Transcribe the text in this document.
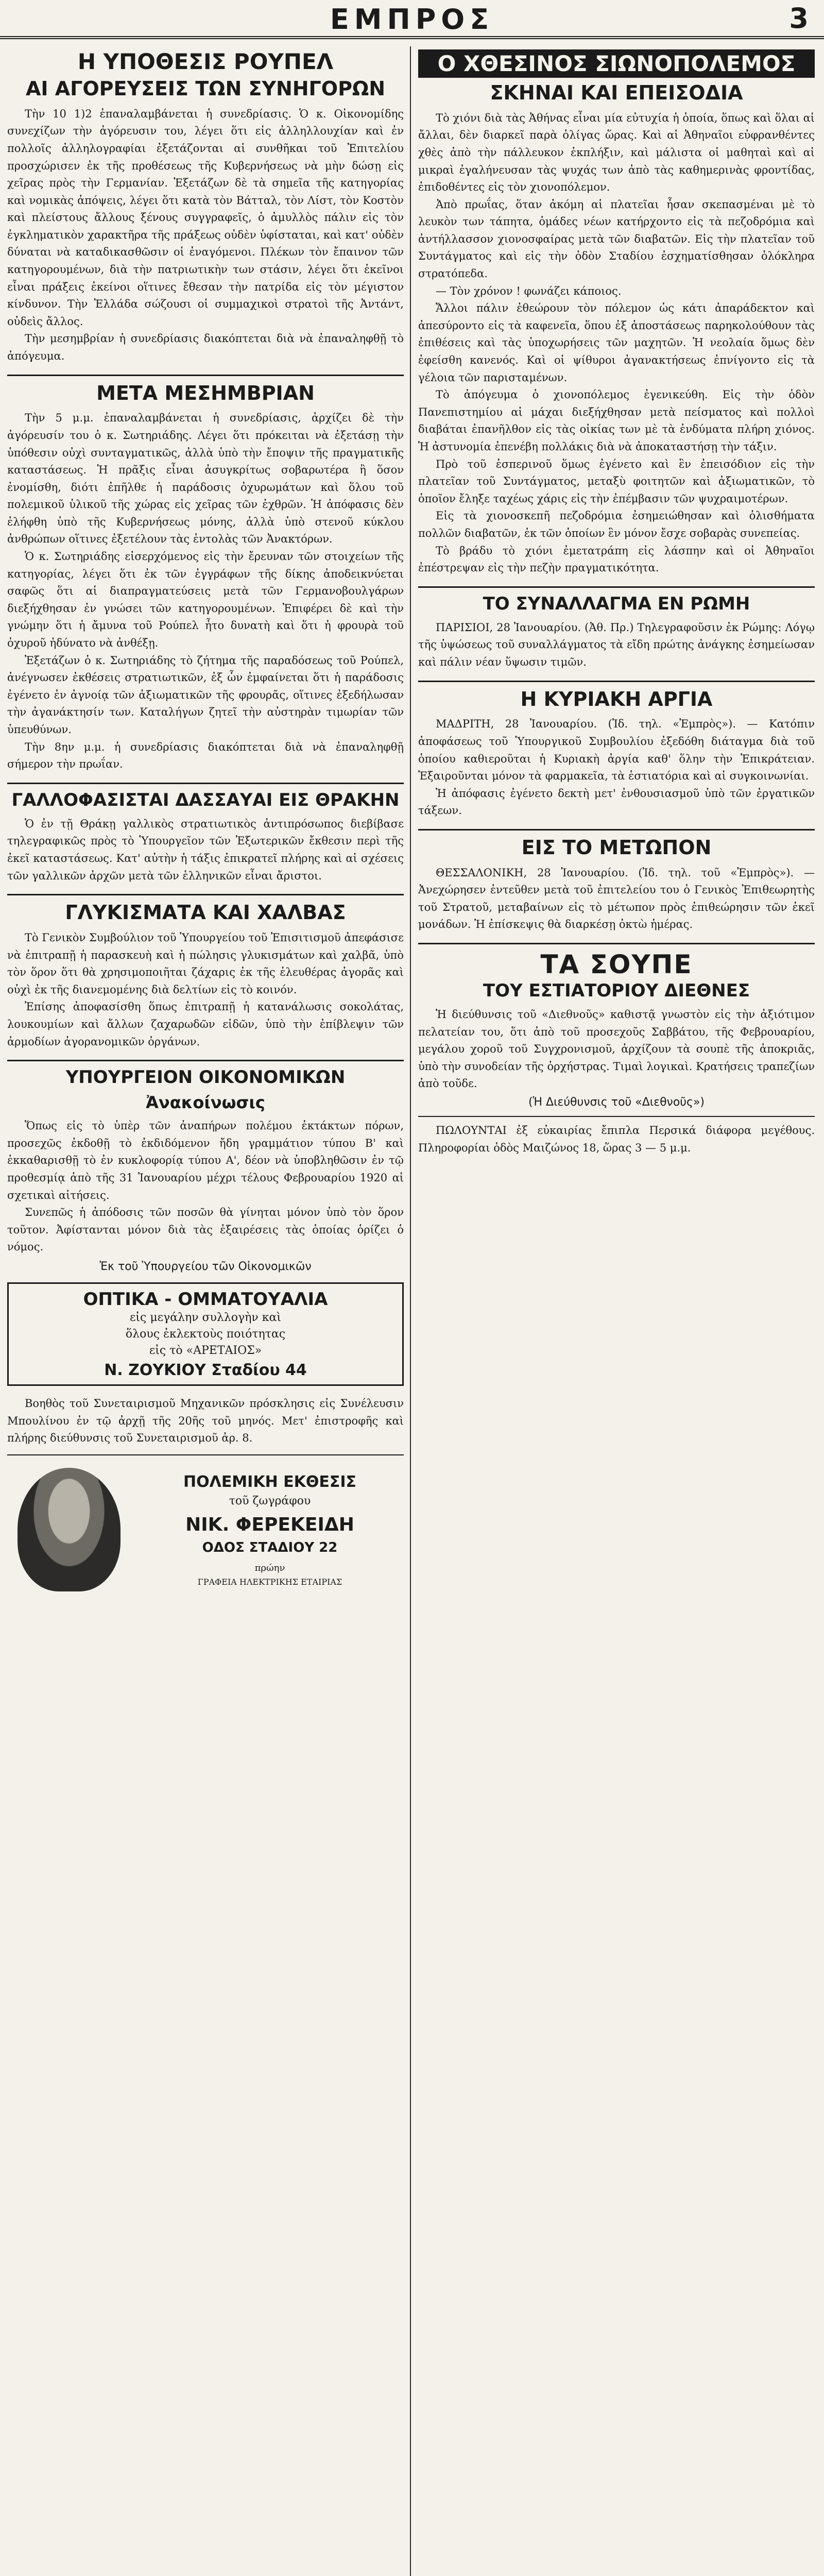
ΕΜΠΡΟΣ	3
Η ΥΠΟΘΕΣΙΣ ΡΟΥΠΕΛ
ΑΙ ΑΓΟΡΕΥΣΕΙΣ ΤΩΝ ΣΥΝΗΓΟΡΩΝ

Τὴν 10 1)2 ἐπαναλαμβάνεται ἡ συνεδρίασις. Ὁ κ. Οἰκονομίδης συνεχίζων τὴν ἀγόρευσιν του, λέγει ὅτι εἰς ἀλληλλουχίαν καὶ ἐν πολλοῖς ἀλληλογραφίαι ἐξετάζονται αἱ συνθῆκαι τοῦ Ἐπιτελίου προσχώρισεν ἐκ τῆς προθέσεως τῆς Κυβερνήσεως νὰ μὴν δώσῃ εἰς χεῖρας πρὸς τὴν Γερμανίαν. Ἐξετάζων δὲ τὰ σημεῖα τῆς κατηγορίας καὶ νομικὰς ἀπόψεις, λέγει ὅτι κατὰ τὸν Βάτταλ, τὸν Λίστ, τὸν Κοστὸν καὶ πλείστους ἄλλους ξένους συγγραφεῖς, ὁ ἀμυλλὸς πάλιν εἰς τὸν ἐγκληματικὸν χαρακτῆρα τῆς πράξεως οὐδὲν ὑφίσταται, καὶ κατ' οὐδὲν δύναται νὰ καταδικασθῶσιν οἱ ἐναγόμενοι. Πλέκων τὸν ἔπαινον τῶν κατηγορουμένων, διὰ τὴν πατριωτικὴν των στάσιν, λέγει ὅτι ἐκεῖνοι εἶναι πράξεις ἐκείνοι οἵτινες ἔθεσαν τὴν πατρίδα εἰς τὸν μέγιστον κίνδυνον. Τὴν Ἑλλάδα σώζουσι οἱ συμμαχικοὶ στρατοὶ τῆς Ἀντάντ, οὐδεὶς ἄλλος.

Τὴν μεσημβρίαν ἡ συνεδρίασις διακόπτεται διὰ νὰ ἐπαναληφθῇ τὸ ἀπόγευμα.

ΜΕΤΑ ΜΕΣΗΜΒΡΙΑΝ

Τὴν 5 μ.μ. ἐπαναλαμβάνεται ἡ συνεδρίασις, ἀρχίζει δὲ τὴν ἀγόρευσίν του ὁ κ. Σωτηριάδης. Λέγει ὅτι πρόκειται νὰ ἐξετάσῃ τὴν ὑπόθεσιν οὐχὶ συνταγματικῶς, ἀλλὰ ὑπὸ τὴν ἔποψιν τῆς πραγματικῆς καταστάσεως. Ἡ πρᾶξις εἶναι ἀσυγκρίτως σοβαρωτέρα ἢ ὅσον ἐνομίσθη, διότι ἐπῆλθε ἡ παράδοσις ὀχυρωμάτων καὶ ὅλου τοῦ πολεμικοῦ ὑλικοῦ τῆς χώρας εἰς χεῖρας τῶν ἐχθρῶν. Ἡ ἀπόφασις δὲν ἐλήφθη ὑπὸ τῆς Κυβερνήσεως μόνης, ἀλλὰ ὑπὸ στενοῦ κύκλου ἀνθρώπων οἵτινες ἐξετέλουν τὰς ἐντολὰς τῶν Ἀνακτόρων.

Ὁ κ. Σωτηριάδης εἰσερχόμενος εἰς τὴν ἔρευναν τῶν στοιχείων τῆς κατηγορίας, λέγει ὅτι ἐκ τῶν ἐγγράφων τῆς δίκης ἀποδεικνύεται σαφῶς ὅτι αἱ διαπραγματεύσεις μετὰ τῶν Γερμανοβουλγάρων διεξήχθησαν ἐν γνώσει τῶν κατηγορουμένων. Ἐπιφέρει δὲ καὶ τὴν γνώμην ὅτι ἡ ἄμυνα τοῦ Ρούπελ ἦτο δυνατὴ καὶ ὅτι ἡ φρουρὰ τοῦ ὀχυροῦ ἠδύνατο νὰ ἀνθέξῃ.

Ἐξετάζων ὁ κ. Σωτηριάδης τὸ ζήτημα τῆς παραδόσεως τοῦ Ρούπελ, ἀνέγνωσεν ἐκθέσεις στρατιωτικῶν, ἐξ ὧν ἐμφαίνεται ὅτι ἡ παράδοσις ἐγένετο ἐν ἀγνοίᾳ τῶν ἀξιωματικῶν τῆς φρουρᾶς, οἵτινες ἐξεδήλωσαν τὴν ἀγανάκτησίν των. Καταλήγων ζητεῖ τὴν αὐστηρὰν τιμωρίαν τῶν ὑπευθύνων.

Τὴν 8ην μ.μ. ἡ συνεδρίασις διακόπτεται διὰ νὰ ἐπαναληφθῇ σήμερον τὴν πρωΐαν.

ΓΑΛΛΟΦΑΣΙΣΤΑΙ ΔΑΣΣΑΥΑΙ ΕΙΣ ΘΡΑΚΗΝ

Ὁ ἐν τῇ Θράκῃ γαλλικὸς στρατιωτικὸς ἀντιπρόσωπος διεβίβασε τηλεγραφικῶς πρὸς τὸ Ὑπουργεῖον τῶν Ἐξωτερικῶν ἔκθεσιν περὶ τῆς ἐκεῖ καταστάσεως. Κατ' αὐτὴν ἡ τάξις ἐπικρατεῖ πλήρης καὶ αἱ σχέσεις τῶν γαλλικῶν ἀρχῶν μετὰ τῶν ἑλληνικῶν εἶναι ἄριστοι.

ΓΛΥΚΙΣΜΑΤΑ ΚΑΙ ΧΑΛΒΑΣ

Τὸ Γενικὸν Συμβούλιον τοῦ Ὑπουργείου τοῦ Ἐπισιτισμοῦ ἀπεφάσισε νὰ ἐπιτραπῇ ἡ παρασκευὴ καὶ ἡ πώλησις γλυκισμάτων καὶ χαλβᾶ, ὑπὸ τὸν ὅρον ὅτι θὰ χρησιμοποιῆται ζάχαρις ἐκ τῆς ἐλευθέρας ἀγορᾶς καὶ οὐχὶ ἐκ τῆς διανεμομένης διὰ δελτίων εἰς τὸ κοινόν.

Ἐπίσης ἀποφασίσθη ὅπως ἐπιτραπῇ ἡ κατανάλωσις σοκολάτας, λουκουμίων καὶ ἄλλων ζαχαρωδῶν εἰδῶν, ὑπὸ τὴν ἐπίβλεψιν τῶν ἀρμοδίων ἀγορανομικῶν ὀργάνων.

ΥΠΟΥΡΓΕΙΟΝ ΟΙΚΟΝΟΜΙΚΩΝ
Ἀνακοίνωσις

Ὅπως εἰς τὸ ὑπὲρ τῶν ἀναπήρων πολέμου ἐκτάκτων πόρων, προσεχῶς ἐκδοθῇ τὸ ἐκδιδόμενον ἤδη γραμμάτιον τύπου Β' καὶ ἐκκαθαρισθῇ τὸ ἐν κυκλοφορίᾳ τύπου Α', δέον νὰ ὑποβληθῶσιν ἐν τῷ προθεσμίᾳ ἀπὸ τῆς 31 Ἰανουαρίου μέχρι τέλους Φεβρουαρίου 1920 αἱ σχετικαὶ αἰτήσεις.

Συνεπῶς ἡ ἀπόδοσις τῶν ποσῶν θὰ γίνηται μόνον ὑπὸ τὸν ὅρον τοῦτον. Ἀφίστανται μόνον διὰ τὰς ἐξαιρέσεις τὰς ὁποίας ὁρίζει ὁ νόμος.

Ἐκ τοῦ Ὑπουργείου τῶν Οἰκονομικῶν
ΟΠΤΙΚΑ - ΟΜΜΑΤΟΥΑΛΙΑ
εἰς μεγάλην συλλογὴν καὶ
ὅλους ἐκλεκτοὺς ποιότητας
εἰς τὸ «ΑΡΕΤΑΙΟΣ»
Ν. ΖΟΥΚΙΟΥ Σταδίου 44

Βοηθὸς τοῦ Συνεταιρισμοῦ Μηχανικῶν πρόσκλησις εἰς Συνέλευσιν Μπουλίνου ἐν τῷ ἀρχῇ τῆς 20ῆς τοῦ μηνός. Μετ' ἐπιστροφῆς καὶ πλήρης διεύθυνσις τοῦ Συνεταιρισμοῦ ἀρ. 8.

ΠΟΛΕΜΙΚΗ ΕΚΘΕΣΙΣ
τοῦ ζωγράφου
ΝΙΚ. ΦΕΡΕΚΕΙΔΗ
ΟΔΟΣ ΣΤΑΔΙΟΥ 22
πρώην
ΓΡΑΦΕΙΑ ΗΛΕΚΤΡΙΚΗΣ ΕΤΑΙΡΙΑΣ
Ο ΧΘΕΣΙΝΟΣ ΣΙΩΝΟΠΟΛΕΜΟΣ
ΣΚΗΝΑΙ ΚΑΙ ΕΠΕΙΣΟΔΙΑ

Τὸ χιόνι διὰ τὰς Ἀθήνας εἶναι μία εὐτυχία ἡ ὁποία, ὅπως καὶ ὅλαι αἱ ἄλλαι, δὲν διαρκεῖ παρὰ ὀλίγας ὥρας. Καὶ αἱ Ἀθηναῖοι εὐφρανθέντες χθὲς ἀπὸ τὴν πάλλευκον ἐκπλήξιν, καὶ μάλιστα οἱ μαθηταὶ καὶ αἱ μικραὶ ἐγαλήνευσαν τὰς ψυχάς των ἀπὸ τὰς καθημερινὰς φροντίδας, ἐπιδοθέντες εἰς τὸν χιονοπόλεμον.

Ἀπὸ πρωΐας, ὅταν ἀκόμη αἱ πλατεῖαι ἦσαν σκεπασμέναι μὲ τὸ λευκὸν των τάπητα, ὁμάδες νέων κατήρχοντο εἰς τὰ πεζοδρόμια καὶ ἀντήλλασσον χιονοσφαίρας μετὰ τῶν διαβατῶν. Εἰς τὴν πλατεῖαν τοῦ Συντάγματος καὶ εἰς τὴν ὁδὸν Σταδίου ἐσχηματίσθησαν ὁλόκληρα στρατόπεδα.

— Τὸν χρόνον ! φωνάζει κάποιος.

Ἄλλοι πάλιν ἐθεώρουν τὸν πόλεμον ὡς κάτι ἀπαράδεκτον καὶ ἀπεσύροντο εἰς τὰ καφενεῖα, ὅπου ἐξ ἀποστάσεως παρηκολούθουν τὰς ἐπιθέσεις καὶ τὰς ὑποχωρήσεις τῶν μαχητῶν. Ἡ νεολαία ὅμως δὲν ἐφείσθη κανενός. Καὶ οἱ ψίθυροι ἀγανακτήσεως ἐπνίγοντο εἰς τὰ γέλοια τῶν παρισταμένων.

Τὸ ἀπόγευμα ὁ χιονοπόλεμος ἐγενικεύθη. Εἰς τὴν ὁδὸν Πανεπιστημίου αἱ μάχαι διεξήχθησαν μετὰ πείσματος καὶ πολλοὶ διαβάται ἐπανῆλθον εἰς τὰς οἰκίας των μὲ τὰ ἐνδύματα πλήρη χιόνος. Ἡ ἀστυνομία ἐπενέβη πολλάκις διὰ νὰ ἀποκαταστήσῃ τὴν τάξιν.

Πρὸ τοῦ ἑσπερινοῦ ὅμως ἐγένετο καὶ ἓν ἐπεισόδιον εἰς τὴν πλατεῖαν τοῦ Συντάγματος, μεταξὺ φοιτητῶν καὶ ἀξιωματικῶν, τὸ ὁποῖον ἔληξε ταχέως χάρις εἰς τὴν ἐπέμβασιν τῶν ψυχραιμοτέρων.

Εἰς τὰ χιονοσκεπῆ πεζοδρόμια ἐσημειώθησαν καὶ ὀλισθήματα πολλῶν διαβατῶν, ἐκ τῶν ὁποίων ἓν μόνον ἔσχε σοβαρὰς συνεπείας.

Τὸ βράδυ τὸ χιόνι ἐμετατράπη εἰς λάσπην καὶ οἱ Ἀθηναῖοι ἐπέστρεψαν εἰς τὴν πεζὴν πραγματικότητα.

ΤΟ ΣΥΝΑΛΛΑΓΜΑ ΕΝ ΡΩΜΗ

ΠΑΡΙΣΙΟΙ, 28 Ἰανουαρίου. (Ἀθ. Πρ.) Τηλεγραφοῦσιν ἐκ Ρώμης: Λόγῳ τῆς ὑψώσεως τοῦ συναλλάγματος τὰ εἴδη πρώτης ἀνάγκης ἐσημείωσαν καὶ πάλιν νέαν ὕψωσιν τιμῶν.

Η ΚΥΡΙΑΚΗ ΑΡΓΙΑ

ΜΑΔΡΙΤΗ, 28 Ἰανουαρίου. (Ἰδ. τηλ. «Ἐμπρὸς»). — Κατόπιν ἀποφάσεως τοῦ Ὑπουργικοῦ Συμβουλίου ἐξεδόθη διάταγμα διὰ τοῦ ὁποίου καθιεροῦται ἡ Κυριακὴ ἀργία καθ' ὅλην τὴν Ἐπικράτειαν. Ἐξαιροῦνται μόνον τὰ φαρμακεῖα, τὰ ἑστιατόρια καὶ αἱ συγκοινωνίαι.

Ἡ ἀπόφασις ἐγένετο δεκτὴ μετ' ἐνθουσιασμοῦ ὑπὸ τῶν ἐργατικῶν τάξεων.

ΕΙΣ ΤΟ ΜΕΤΩΠΟΝ

ΘΕΣΣΑΛΟΝΙΚΗ, 28 Ἰανουαρίου. (Ἰδ. τηλ. τοῦ «Ἐμπρὸς»). — Ἀνεχώρησεν ἐντεῦθεν μετὰ τοῦ ἐπιτελείου του ὁ Γενικὸς Ἐπιθεωρητὴς τοῦ Στρατοῦ, μεταβαίνων εἰς τὸ μέτωπον πρὸς ἐπιθεώρησιν τῶν ἐκεῖ μονάδων. Ἡ ἐπίσκεψις θὰ διαρκέσῃ ὀκτὼ ἡμέρας.

ΤΑ ΣΟΥΠΕ
ΤΟΥ ΕΣΤΙΑΤΟΡΙΟΥ ΔΙΕΘΝΕΣ

Ἡ διεύθυνσις τοῦ «Διεθνοῦς» καθιστᾷ γνωστὸν εἰς τὴν ἀξιότιμον πελατείαν του, ὅτι ἀπὸ τοῦ προσεχοῦς Σαββάτου, τῆς Φεβρουαρίου, μεγάλου χοροῦ τοῦ Συγχρονισμοῦ, ἀρχίζουν τὰ σουπὲ τῆς ἀποκριᾶς, ὑπὸ τὴν συνοδείαν τῆς ὀρχήστρας. Τιμαὶ λογικαὶ. Κρατήσεις τραπεζίων ἀπὸ τοῦδε.

(Ἡ Διεύθυνσις τοῦ «Διεθνοῦς»)

ΠΩΛΟΥΝΤΑΙ ἐξ εὐκαιρίας ἔπιπλα Περσικά διάφορα μεγέθους. Πληροφορίαι ὁδὸς Μαιζώνος 18, ὥρας 3 — 5 μ.μ.
